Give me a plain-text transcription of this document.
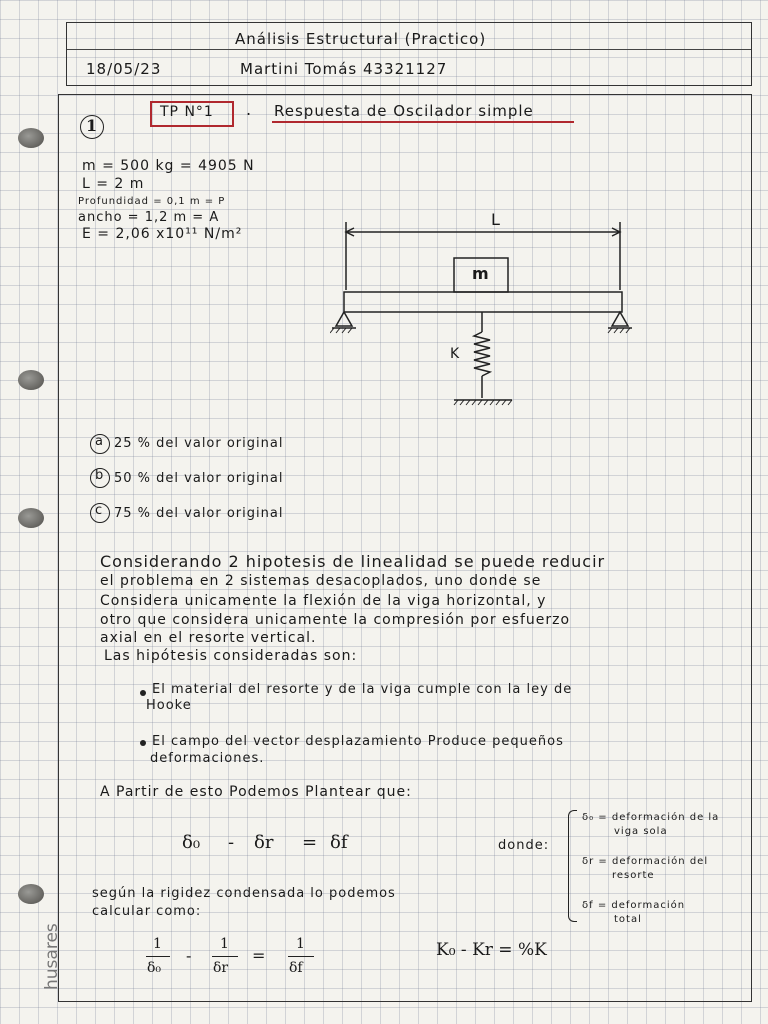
Análisis Estructural (Practico)
18/05/23	Martini Tomás 43321127
1
TP N°1 . Respuesta de Oscilador simple
m = 500 kg = 4905 N
L = 2 m
Profundidad = 0,1 m = P
ancho = 1,2 m = A
E = 2,06 x10¹¹ N/m²
L
m
K
a 25 % del valor original
b 50 % del valor original
c 75 % del valor original
Considerando 2 hipotesis de linealidad se puede reducir
el problema en 2 sistemas desacoplados, uno donde se
Considera unicamente la flexión de la viga horizontal, y
otro que considera unicamente la compresión por esfuerzo
axial en el resorte vertical.
Las hipótesis consideradas son:
El material del resorte y de la viga cumple con la ley de
Hooke
El campo del vector desplazamiento Produce pequeños
deformaciones.
A Partir de esto Podemos Plantear que:
δ₀ - δr = δf	donde:
δ₀ = deformación de la
viga sola
δr = deformación del
resorte
δf = deformación
total
según la rigidez condensada lo podemos
calcular como:
1
δ₀
-
1
δr
=
1
δf
K₀ - Kr = %K
husares
